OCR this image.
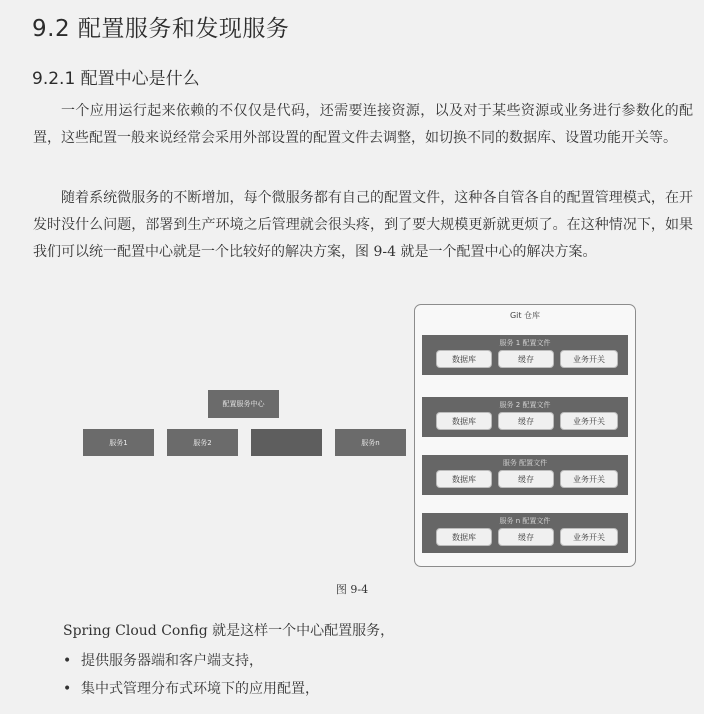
9.2 配置服务和发现服务
9.2.1 配置中心是什么
一个应用运行起来依赖的不仅仅是代码，还需要连接资源，以及对于某些资源或业务进行参数化的配置，这些配置一般来说经常会采用外部设置的配置文件去调整，如切换不同的数据库、设置功能开关等。
随着系统微服务的不断增加，每个微服务都有自己的配置文件，这种各自管各自的配置管理模式，在开发时没什么问题，部署到生产环境之后管理就会很头疼，到了要大规模更新就更烦了。在这种情况下，如果我们可以统一配置中心就是一个比较好的解决方案，图 9-4 就是一个配置中心的解决方案。
配置服务中心
服务1	服务2	服务n
Git 仓库
服务 1 配置文件
数据库	缓存	业务开关
服务 2 配置文件
数据库	缓存	业务开关
服务 配置文件
数据库	缓存	业务开关
服务 n 配置文件
数据库	缓存	业务开关
图 9-4
Spring Cloud Config 就是这样一个中心配置服务，
• 提供服务器端和客户端支持，
• 集中式管理分布式环境下的应用配置，
